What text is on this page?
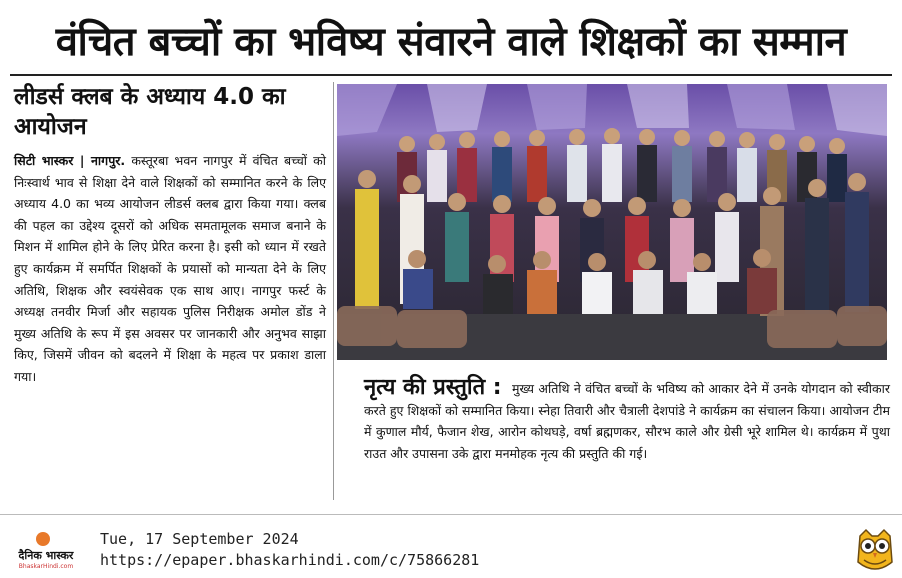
वंचित बच्चों का भविष्य संवारने वाले शिक्षकों का सम्मान
लीडर्स क्लब के अध्याय 4.0 का आयोजन
सिटी भास्कर | नागपुर. कस्तूरबा भवन नागपुर में वंचित बच्चों को निःस्वार्थ भाव से शिक्षा देने वाले शिक्षकों को सम्मानित करने के लिए अध्याय 4.0 का भव्य आयोजन लीडर्स क्लब द्वारा किया गया। क्लब की पहल का उद्देश्य दूसरों को अधिक समतामूलक समाज बनाने के मिशन में शामिल होने के लिए प्रेरित करना है। इसी को ध्यान में रखते हुए कार्यक्रम में समर्पित शिक्षकों के प्रयासों को मान्यता देने के लिए अतिथि, शिक्षक और स्वयंसेवक एक साथ आए। नागपुर फर्स्ट के अध्यक्ष तनवीर मिर्जा और सहायक पुलिस निरीक्षक अमोल डोंड ने मुख्य अतिथि के रूप में इस अवसर पर जानकारी और अनुभव साझा किए, जिसमें जीवन को बदलने में शिक्षा के महत्व पर प्रकाश डाला गया।	नृत्य की प्रस्तुति : मुख्य अतिथि ने वंचित बच्चों के भविष्य को आकार देने में उनके योगदान को स्वीकार करते हुए शिक्षकों को सम्मानित किया। स्नेहा तिवारी और चैत्राली देशपांडे ने कार्यक्रम का संचालन किया। आयोजन टीम में कुणाल मौर्य, फैजान शेख, आरोन कोथघड़े, वर्षा ब्रह्मणकर, सौरभ काले और ग्रेसी भूरे शामिल थे। कार्यक्रम में पुथा राउत और उपासना उके द्वारा मनमोहक नृत्य की प्रस्तुति की गई।
दैनिक भास्कर
BhaskarHindi.com
Tue, 17 September 2024
https://epaper.bhaskarhindi.com/c/75866281
